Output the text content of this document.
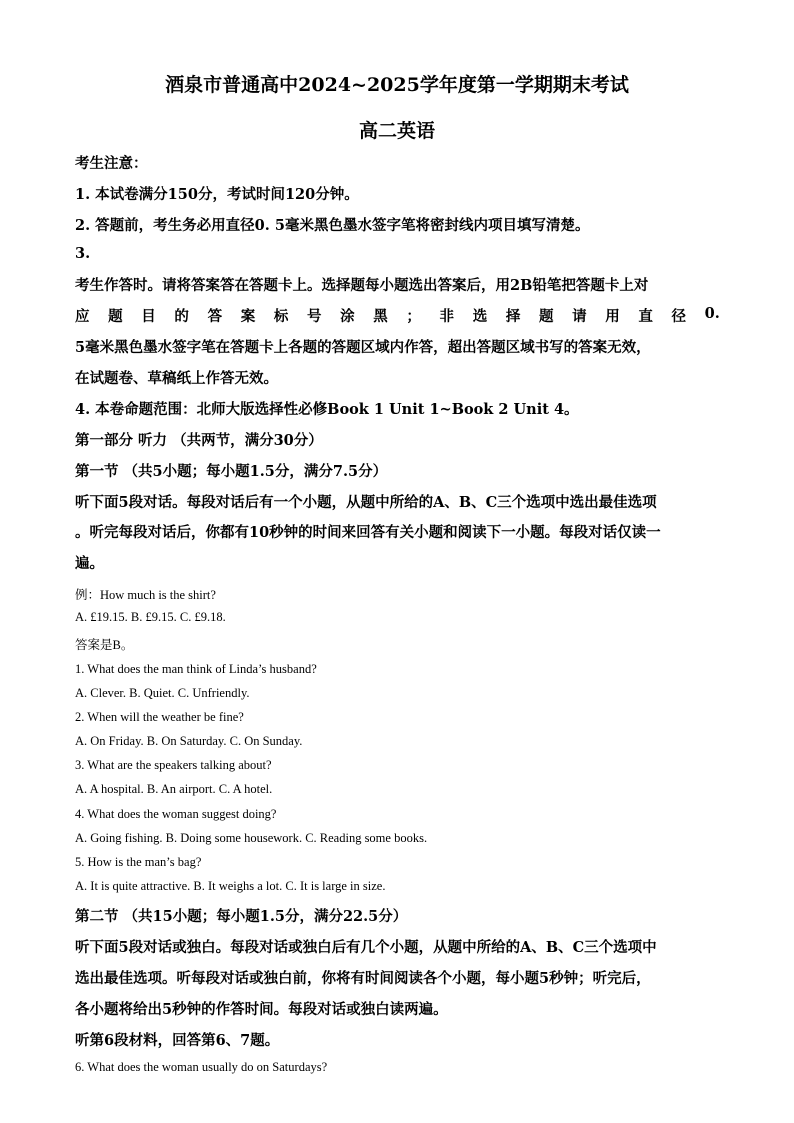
酒泉市普通高中2024~2025学年度第一学期期末考试
高二英语
考生注意：
1. 本试卷满分150分，考试时间120分钟。
2. 答题前，考生务必用直径0. 5毫米黑色墨水签字笔将密封线内项目填写清楚。
3.
考生作答时。请将答案答在答题卡上。选择题每小题选出答案后，用2B铅笔把答题卡上对
应 题 目 的 答 案 标 号 涂 黑 ； 非 选 择 题 请 用 直 径 0.
5毫米黑色墨水签字笔在答题卡上各题的答题区域内作答，超出答题区域书写的答案无效，
在试题卷、草稿纸上作答无效。
4. 本卷命题范围：北师大版选择性必修Book 1 Unit 1~Book 2 Unit 4。
第一部分 听力 （共两节，满分30分）
第一节 （共5小题；每小题1.5分，满分7.5分）
听下面5段对话。每段对话后有一个小题，从题中所给的A、B、C三个选项中选出最佳选项
。听完每段对话后，你都有10秒钟的时间来回答有关小题和阅读下一小题。每段对话仅读一
遍。
例：How much is the shirt?
A. £19.15. B. £9.15. C. £9.18.
答案是B。
1. What does the man think of Linda’s husband?
A. Clever. B. Quiet. C. Unfriendly.
2. When will the weather be fine?
A. On Friday. B. On Saturday. C. On Sunday.
3. What are the speakers talking about?
A. A hospital. B. An airport. C. A hotel.
4. What does the woman suggest doing?
A. Going fishing. B. Doing some housework. C. Reading some books.
5. How is the man’s bag?
A. It is quite attractive. B. It weighs a lot. C. It is large in size.
第二节 （共15小题；每小题1.5分，满分22.5分）
听下面5段对话或独白。每段对话或独白后有几个小题，从题中所给的A、B、C三个选项中
选出最佳选项。听每段对话或独白前，你将有时间阅读各个小题，每小题5秒钟；听完后，
各小题将给出5秒钟的作答时间。每段对话或独白读两遍。
听第6段材料，回答第6、7题。
6. What does the woman usually do on Saturdays?
